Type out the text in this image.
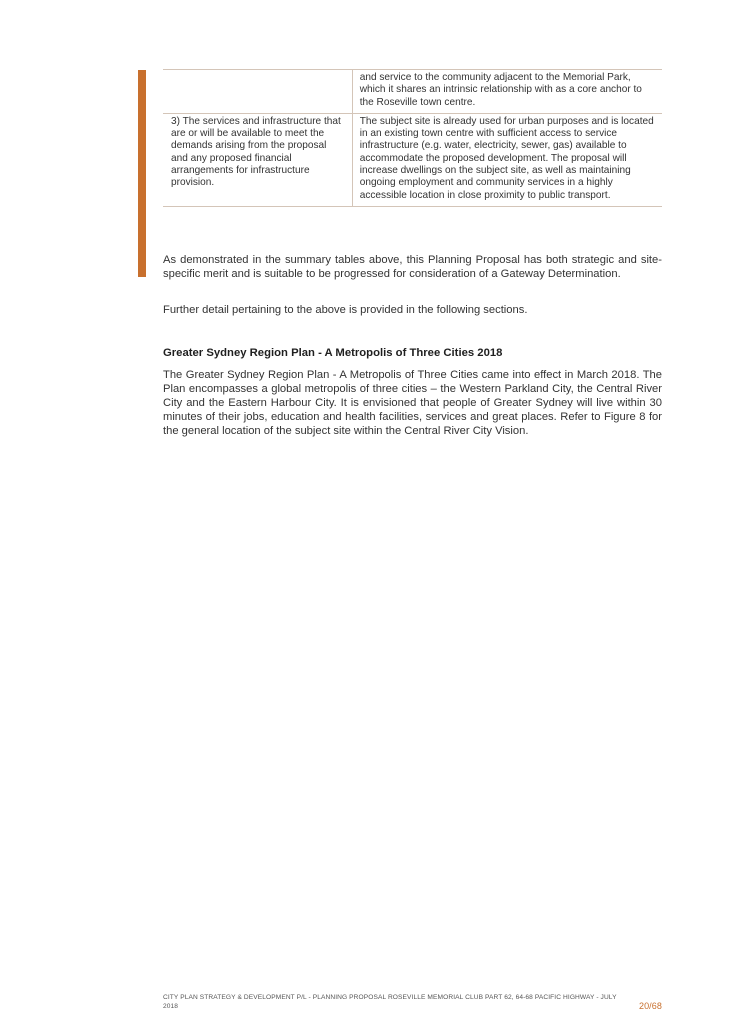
	and service to the community adjacent to the Memorial Park, which it shares an intrinsic relationship with as a core anchor to the Roseville town centre.
3) The services and infrastructure that are or will be available to meet the demands arising from the proposal and any proposed financial arrangements for infrastructure provision.	The subject site is already used for urban purposes and is located in an existing town centre with sufficient access to service infrastructure (e.g. water, electricity, sewer, gas) available to accommodate the proposed development. The proposal will increase dwellings on the subject site, as well as maintaining ongoing employment and community services in a highly accessible location in close proximity to public transport.

As demonstrated in the summary tables above, this Planning Proposal has both strategic and site-specific merit and is suitable to be progressed for consideration of a Gateway Determination.

Further detail pertaining to the above is provided in the following sections.

Greater Sydney Region Plan - A Metropolis of Three Cities 2018

The Greater Sydney Region Plan - A Metropolis of Three Cities came into effect in March 2018. The Plan encompasses a global metropolis of three cities – the Western Parkland City, the Central River City and the Eastern Harbour City. It is envisioned that people of Greater Sydney will live within 30 minutes of their jobs, education and health facilities, services and great places. Refer to Figure 8 for the general location of the subject site within the Central River City Vision.

CITY PLAN STRATEGY & DEVELOPMENT P/L - PLANNING PROPOSAL ROSEVILLE MEMORIAL CLUB PART 62, 64-68 PACIFIC HIGHWAY - JULY 2018	20/68
